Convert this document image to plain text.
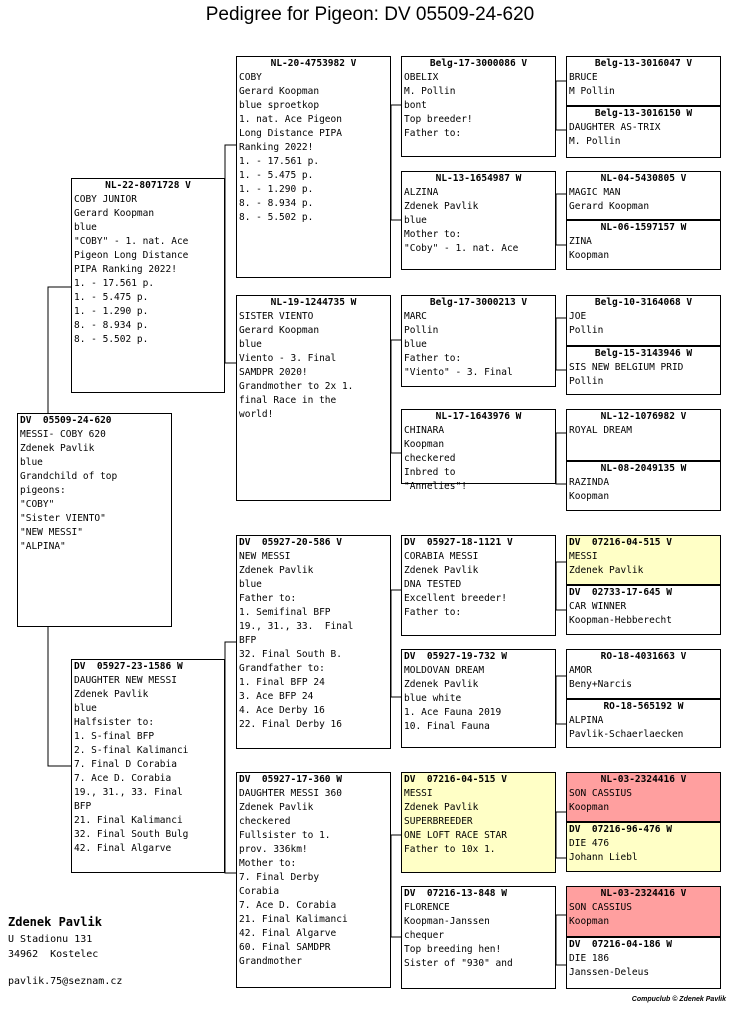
Pedigree for Pigeon: DV 05509-24-620
DV  05509-24-620
MESSI- COBY 620
Zdenek Pavlik
blue
Grandchild of top
pigeons:
"COBY"
"Sister VIENTO"
"NEW MESSI"
"ALPINA"
NL-22-8071728 V
COBY JUNIOR
Gerard Koopman
blue
"COBY" - 1. nat. Ace
Pigeon Long Distance
PIPA Ranking 2022!
1. - 17.561 p.
1. - 5.475 p.
1. - 1.290 p.
8. - 8.934 p.
8. - 5.502 p.
DV  05927-23-1586 W
DAUGHTER NEW MESSI
Zdenek Pavlik
blue
Halfsister to:
1. S-final BFP
2. S-final Kalimanci
7. Final D Corabia
7. Ace D. Corabia
19., 31., 33. Final
BFP
21. Final Kalimanci
32. Final South Bulg
42. Final Algarve
NL-20-4753982 V
COBY
Gerard Koopman
blue sproetkop
1. nat. Ace Pigeon
Long Distance PIPA
Ranking 2022!
1. - 17.561 p.
1. - 5.475 p.
1. - 1.290 p.
8. - 8.934 p.
8. - 5.502 p.
NL-19-1244735 W
SISTER VIENTO
Gerard Koopman
blue
Viento - 3. Final
SAMDPR 2020!
Grandmother to 2x 1.
final Race in the
world!
DV  05927-20-586 V
NEW MESSI
Zdenek Pavlik
blue
Father to:
1. Semifinal BFP
19., 31., 33.  Final
BFP
32. Final South B.
Grandfather to:
1. Final BFP 24
3. Ace BFP 24
4. Ace Derby 16
22. Final Derby 16
DV  05927-17-360 W
DAUGHTER MESSI 360
Zdenek Pavlik
checkered
Fullsister to 1.
prov. 336km!
Mother to:
7. Final Derby
Corabia
7. Ace D. Corabia
21. Final Kalimanci
42. Final Algarve
60. Final SAMDPR
Grandmother
Belg-17-3000086 V
OBELIX
M. Pollin
bont
Top breeder!
Father to:
NL-13-1654987 W
ALZINA
Zdenek Pavlik
blue
Mother to:
"Coby" - 1. nat. Ace
Belg-17-3000213 V
MARC
Pollin
blue
Father to:
"Viento" - 3. Final
NL-17-1643976 W
CHINARA
Koopman
checkered
Inbred to
"Annelies"!
DV  05927-18-1121 V
CORABIA MESSI
Zdenek Pavlik
DNA TESTED
Excellent breeder!
Father to:
DV  05927-19-732 W
MOLDOVAN DREAM
Zdenek Pavlik
blue white
1. Ace Fauna 2019
10. Final Fauna
DV  07216-04-515 V
MESSI
Zdenek Pavlik
SUPERBREEDER
ONE LOFT RACE STAR
Father to 10x 1.
DV  07216-13-848 W
FLORENCE
Koopman-Janssen
chequer
Top breeding hen!
Sister of "930" and
Belg-13-3016047 V
BRUCE
M Pollin
Belg-13-3016150 W
DAUGHTER AS-TRIX
M. Pollin
NL-04-5430805 V
MAGIC MAN
Gerard Koopman
NL-06-1597157 W
ZINA
Koopman
Belg-10-3164068 V
JOE
Pollin
Belg-15-3143946 W
SIS NEW BELGIUM PRID
Pollin
NL-12-1076982 V
ROYAL DREAM
NL-08-2049135 W
RAZINDA
Koopman
DV  07216-04-515 V
MESSI
Zdenek Pavlik
DV  02733-17-645 W
CAR WINNER
Koopman-Hebberecht
RO-18-4031663 V
AMOR
Beny+Narcis
RO-18-565192 W
ALPINA
Pavlik-Schaerlaecken
NL-03-2324416 V
SON CASSIUS
Koopman
DV  07216-96-476 W
DIE 476
Johann Liebl
NL-03-2324416 V
SON CASSIUS
Koopman
DV  07216-04-186 W
DIE 186
Janssen-Deleus
Zdenek Pavlik
U Stadionu 131
34962  Kostelec
pavlik.75@seznam.cz
Compuclub © Zdenek Pavlik
